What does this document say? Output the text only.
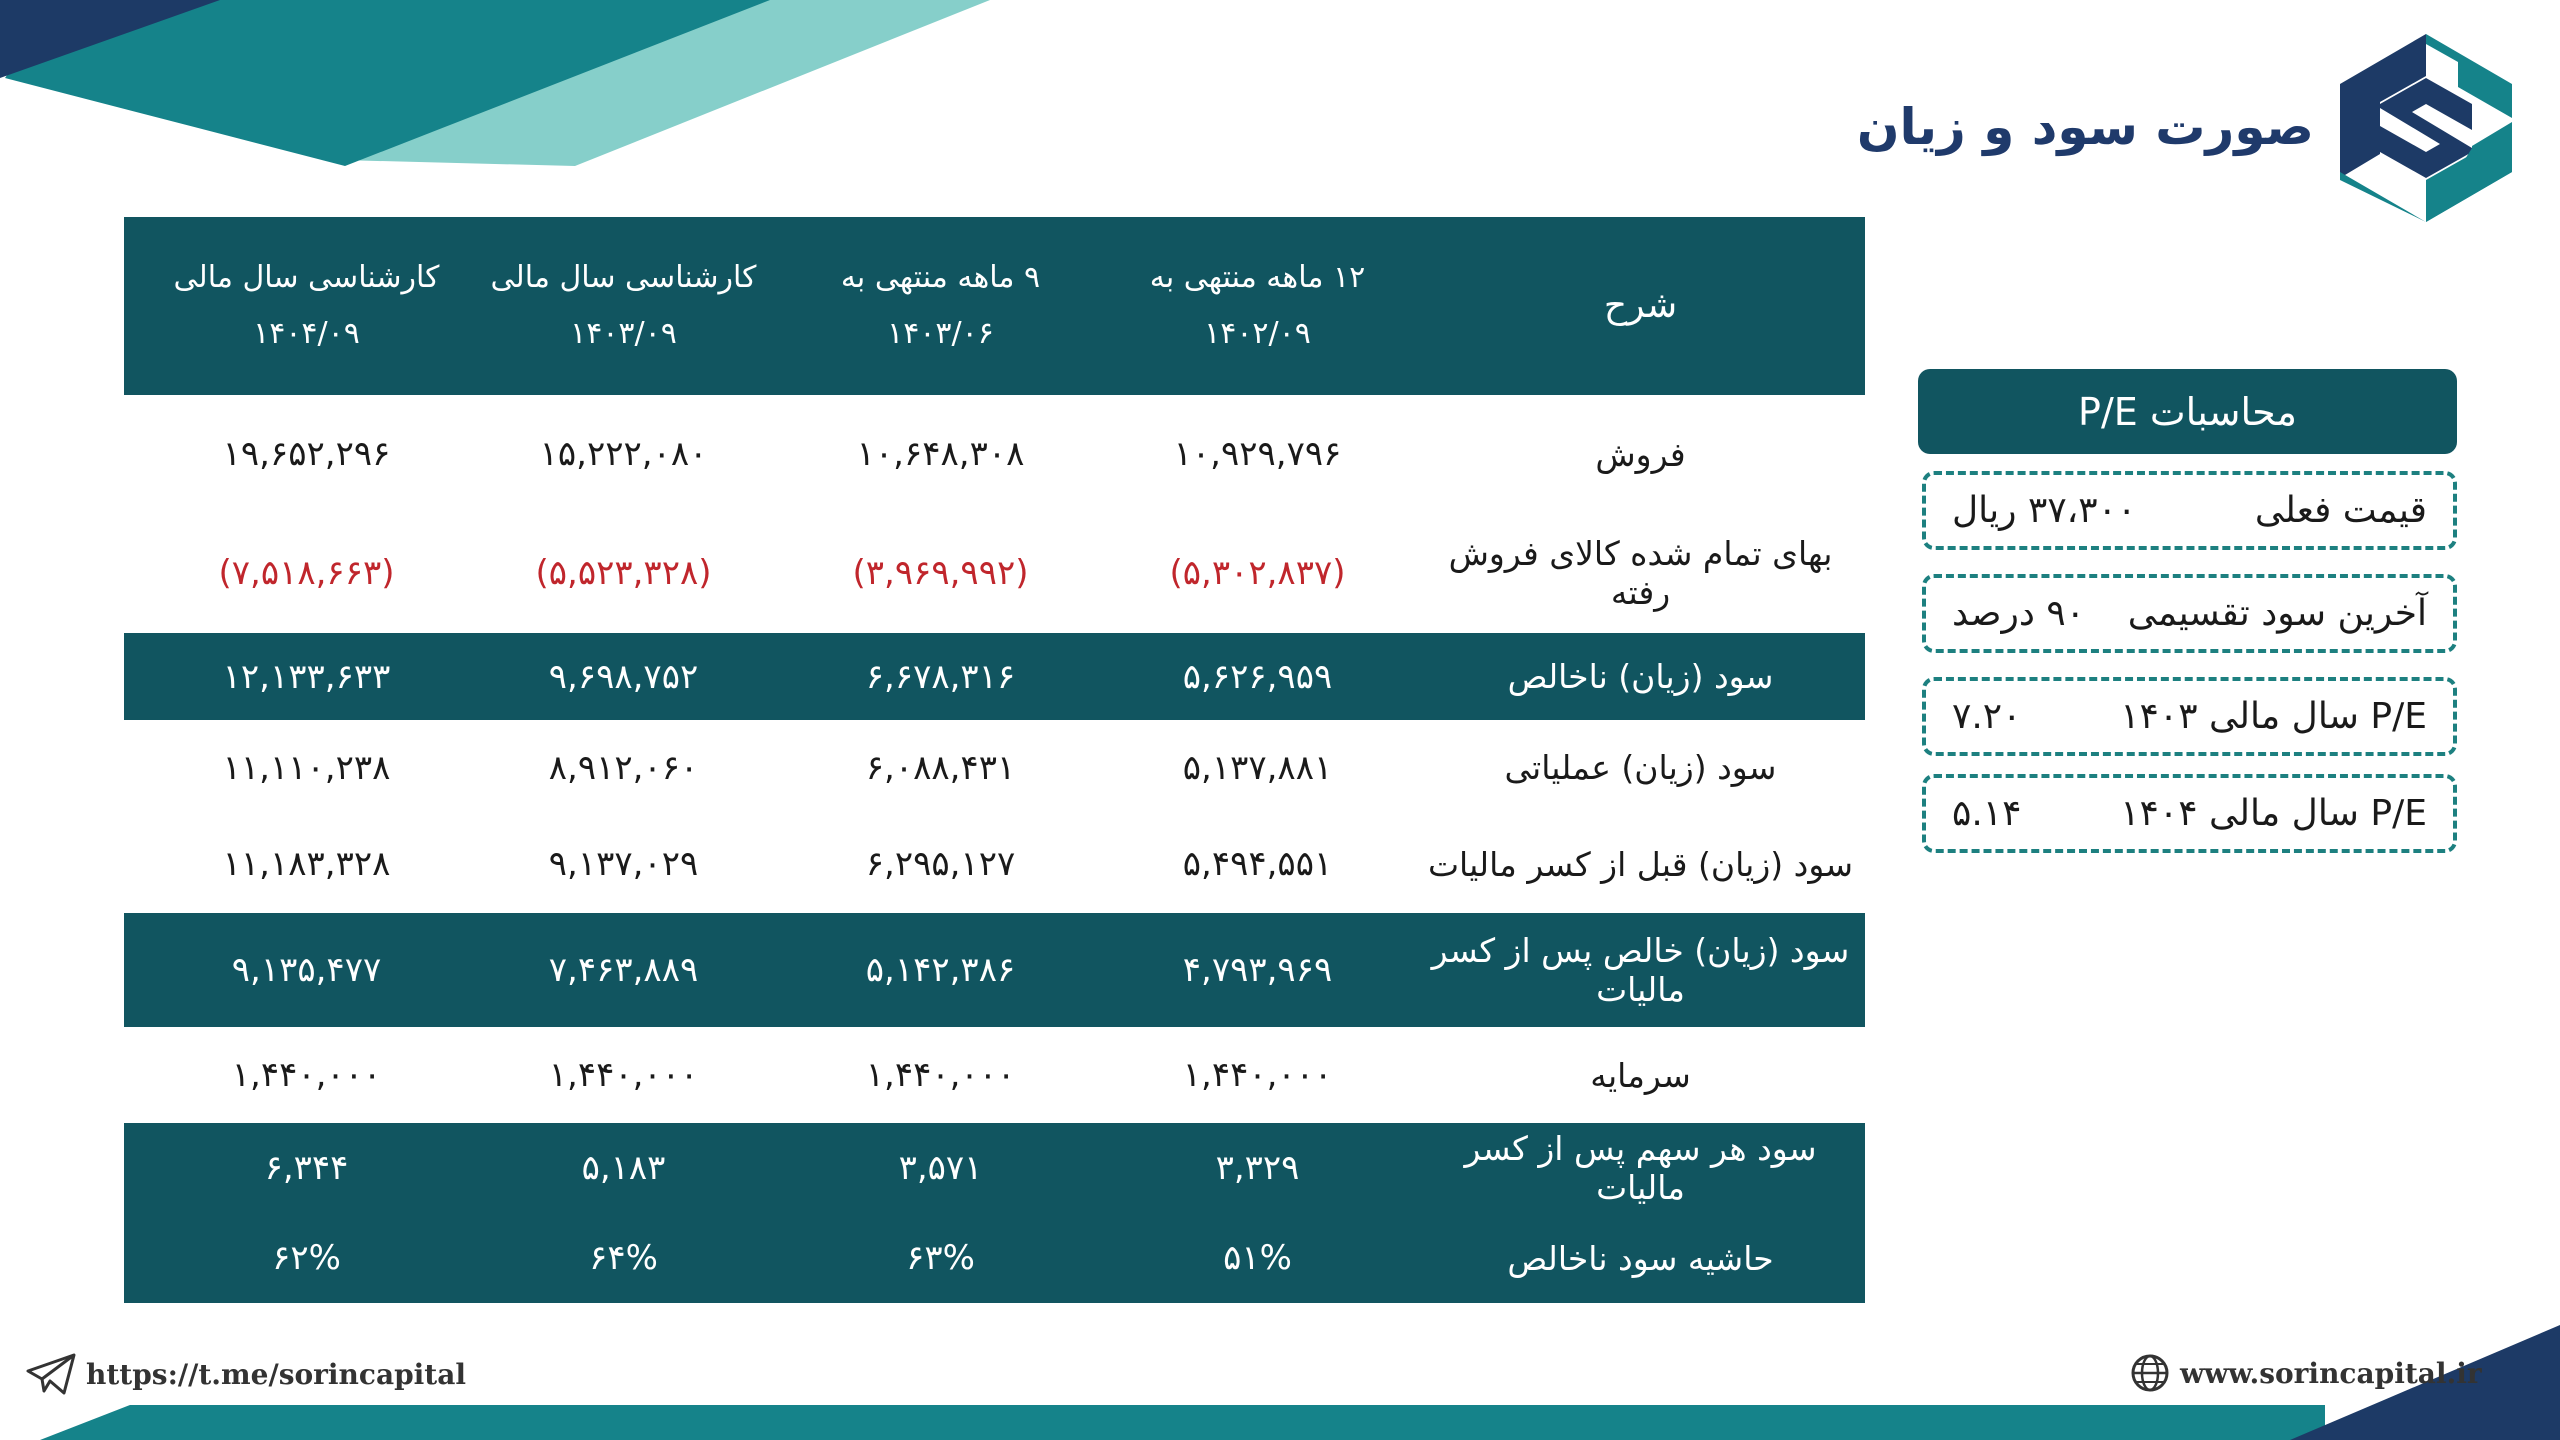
صورت سود و زیان
شرح
۱۲ ماهه منتهی به
۱۴۰۲/۰۹
۹ ماهه منتهی به
۱۴۰۳/۰۶
کارشناسی سال مالی
۱۴۰۳/۰۹
کارشناسی سال مالی
۱۴۰۴/۰۹
فروش
۱۰,۹۲۹,۷۹۶
۱۰,۶۴۸,۳۰۸
۱۵,۲۲۲,۰۸۰
۱۹,۶۵۲,۲۹۶
بهای تمام شده کالای فروش رفته
(۵,۳۰۲,۸۳۷)
(۳,۹۶۹,۹۹۲)
(۵,۵۲۳,۳۲۸)
(۷,۵۱۸,۶۶۳)
سود (زیان) ناخالص
۵,۶۲۶,۹۵۹
۶,۶۷۸,۳۱۶
۹,۶۹۸,۷۵۲
۱۲,۱۳۳,۶۳۳
سود (زیان) عملیاتی
۵,۱۳۷,۸۸۱
۶,۰۸۸,۴۳۱
۸,۹۱۲,۰۶۰
۱۱,۱۱۰,۲۳۸
سود (زیان) قبل از کسر مالیات
۵,۴۹۴,۵۵۱
۶,۲۹۵,۱۲۷
۹,۱۳۷,۰۲۹
۱۱,۱۸۳,۳۲۸
سود (زیان) خالص پس از کسر مالیات
۴,۷۹۳,۹۶۹
۵,۱۴۲,۳۸۶
۷,۴۶۳,۸۸۹
۹,۱۳۵,۴۷۷
سرمایه
۱,۴۴۰,۰۰۰
۱,۴۴۰,۰۰۰
۱,۴۴۰,۰۰۰
۱,۴۴۰,۰۰۰
سود هر سهم پس از کسر مالیات
۳,۳۲۹
۳,۵۷۱
۵,۱۸۳
۶,۳۴۴
حاشیه سود ناخالص
۵۱%
۶۳%
۶۴%
۶۲%
محاسبات P/E
قیمت فعلی
۳۷،۳۰۰ ریال
آخرین سود تقسیمی
۹۰ درصد
P/E سال مالی ۱۴۰۳
۷.۲۰
P/E سال مالی ۱۴۰۴
۵.۱۴
https://t.me/sorincapital	www.sorincapital.ir
